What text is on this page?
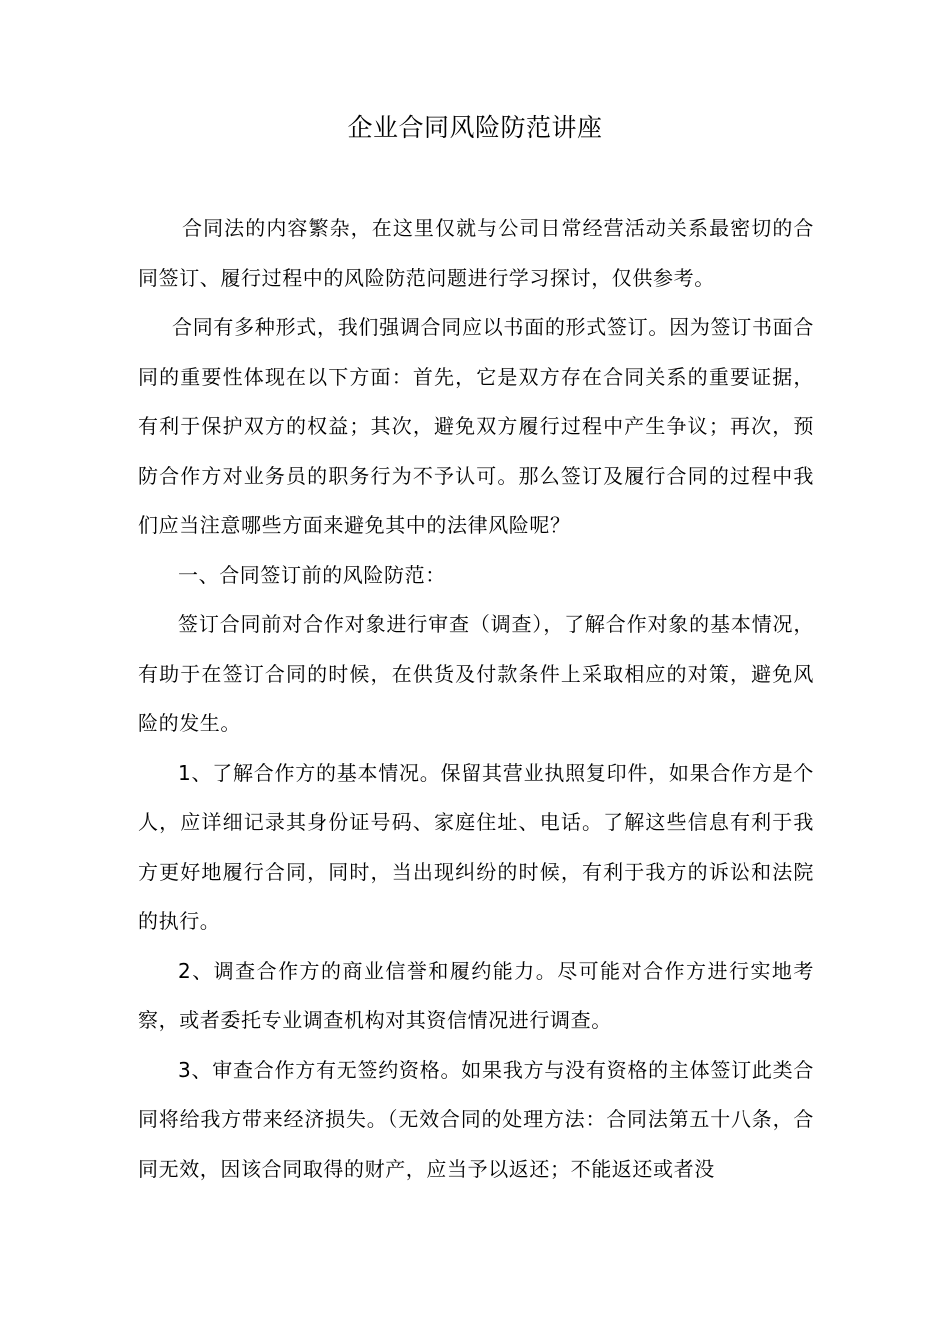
企业合同风险防范讲座

合同法的内容繁杂，在这里仅就与公司日常经营活动关系最密切的合同签订、履行过程中的风险防范问题进行学习探讨，仅供参考。

合同有多种形式，我们强调合同应以书面的形式签订。因为签订书面合同的重要性体现在以下方面：首先，它是双方存在合同关系的重要证据，有利于保护双方的权益；其次，避免双方履行过程中产生争议；再次，预防合作方对业务员的职务行为不予认可。那么签订及履行合同的过程中我们应当注意哪些方面来避免其中的法律风险呢？

一、合同签订前的风险防范：

签订合同前对合作对象进行审查（调查），了解合作对象的基本情况，有助于在签订合同的时候，在供货及付款条件上采取相应的对策，避免风险的发生。

1、了解合作方的基本情况。保留其营业执照复印件，如果合作方是个人，应详细记录其身份证号码、家庭住址、电话。了解这些信息有利于我方更好地履行合同，同时，当出现纠纷的时候，有利于我方的诉讼和法院的执行。

2、调查合作方的商业信誉和履约能力。尽可能对合作方进行实地考察，或者委托专业调查机构对其资信情况进行调查。

3、审查合作方有无签约资格。如果我方与没有资格的主体签订此类合同将给我方带来经济损失。（无效合同的处理方法：合同法第五十八条，合同无效，因该合同取得的财产，应当予以返还；不能返还或者没
